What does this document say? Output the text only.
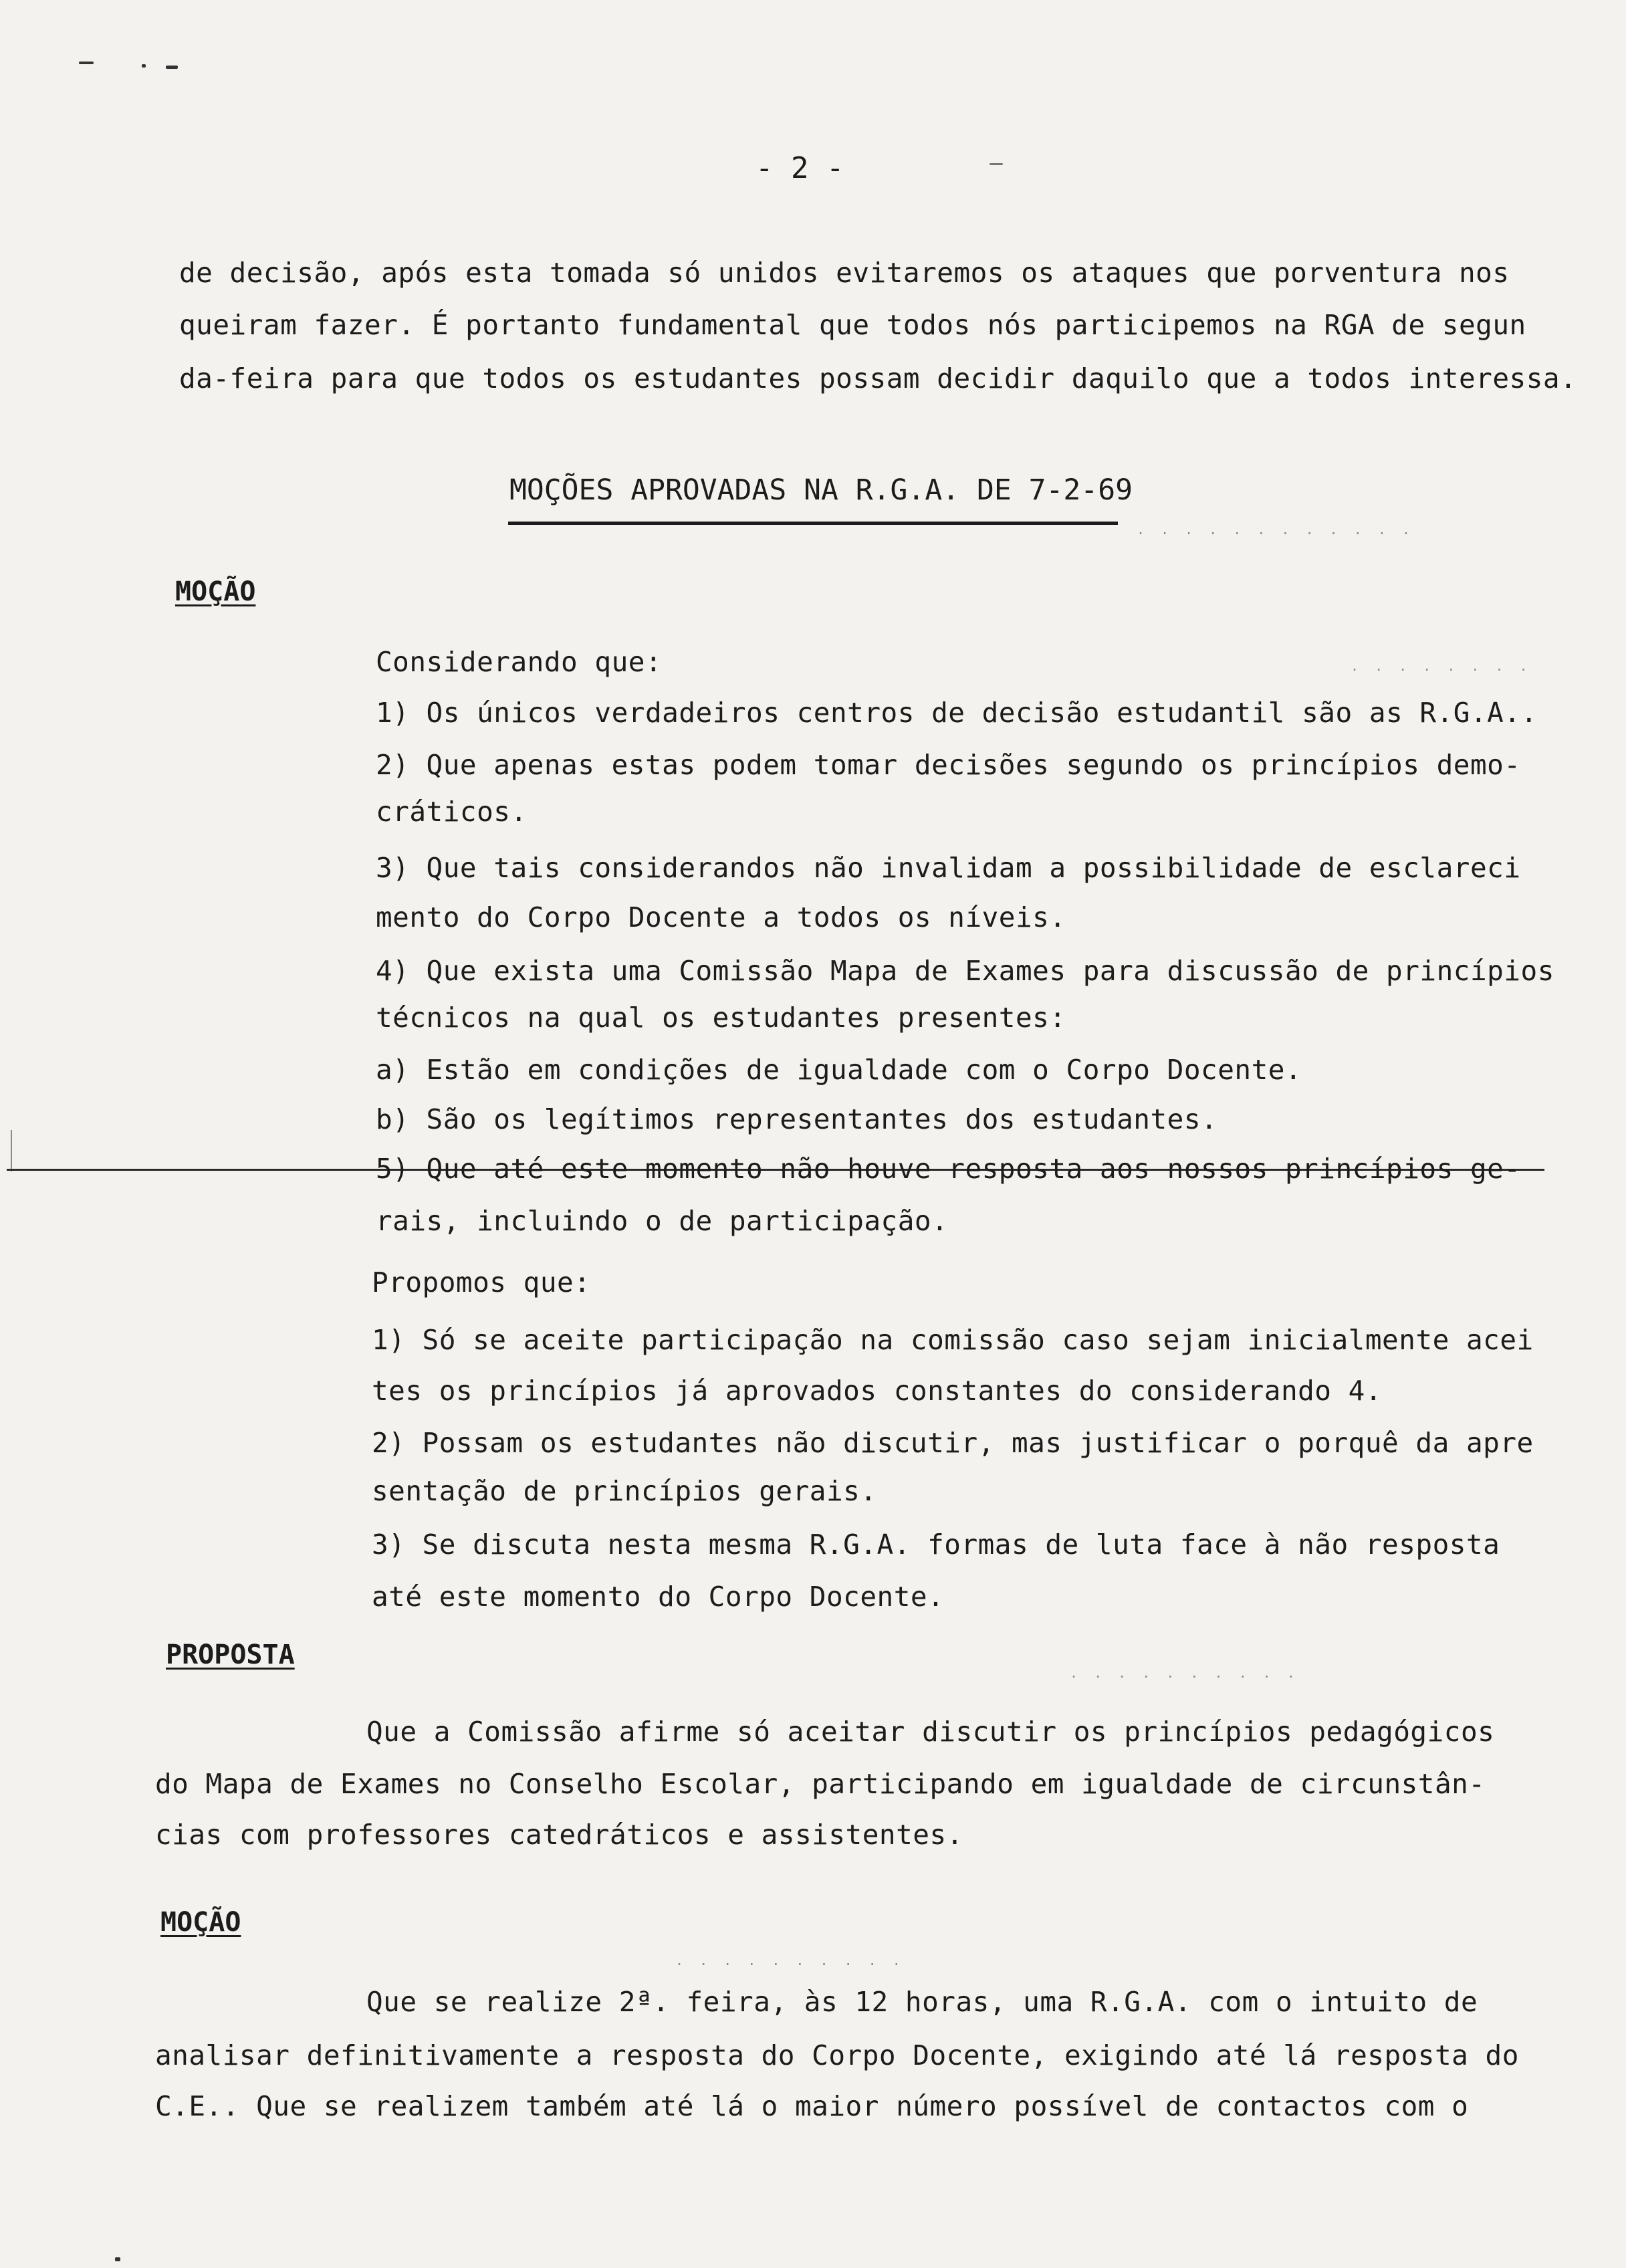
- 2 -
de decisão, após esta tomada só unidos evitaremos os ataques que porventura nos
queiram fazer. É portanto fundamental que todos nós participemos na RGA de segun
da-feira para que todos os estudantes possam decidir daquilo que a todos interessa.
MOÇÕES APROVADAS NA R.G.A. DE 7-2-69
. . . . . . . . . . . .
MOÇÃO
Considerando que:	. . . . . . . .
1) Os únicos verdadeiros centros de decisão estudantil são as R.G.A..
2) Que apenas estas podem tomar decisões segundo os princípios demo-
cráticos.
3) Que tais considerandos não invalidam a possibilidade de esclareci
mento do Corpo Docente a todos os níveis.
4) Que exista uma Comissão Mapa de Exames para discussão de princípios
técnicos na qual os estudantes presentes:
a) Estão em condições de igualdade com o Corpo Docente.
b) São os legítimos representantes dos estudantes.
5) Que até este momento não houve resposta aos nossos princípios ge-
rais, incluindo o de participação.
Propomos que:
1) Só se aceite participação na comissão caso sejam inicialmente acei
tes os princípios já aprovados constantes do considerando 4.
2) Possam os estudantes não discutir, mas justificar o porquê da apre
sentação de princípios gerais.
3) Se discuta nesta mesma R.G.A. formas de luta face à não resposta
até este momento do Corpo Docente.
PROPOSTA
. . . . . . . . . .
Que a Comissão afirme só aceitar discutir os princípios pedagógicos
do Mapa de Exames no Conselho Escolar, participando em igualdade de circunstân-
cias com professores catedráticos e assistentes.
MOÇÃO
. . . . . . . . . .
Que se realize 2ª. feira, às 12 horas, uma R.G.A. com o intuito de
analisar definitivamente a resposta do Corpo Docente, exigindo até lá resposta do
C.E.. Que se realizem também até lá o maior número possível de contactos com o
